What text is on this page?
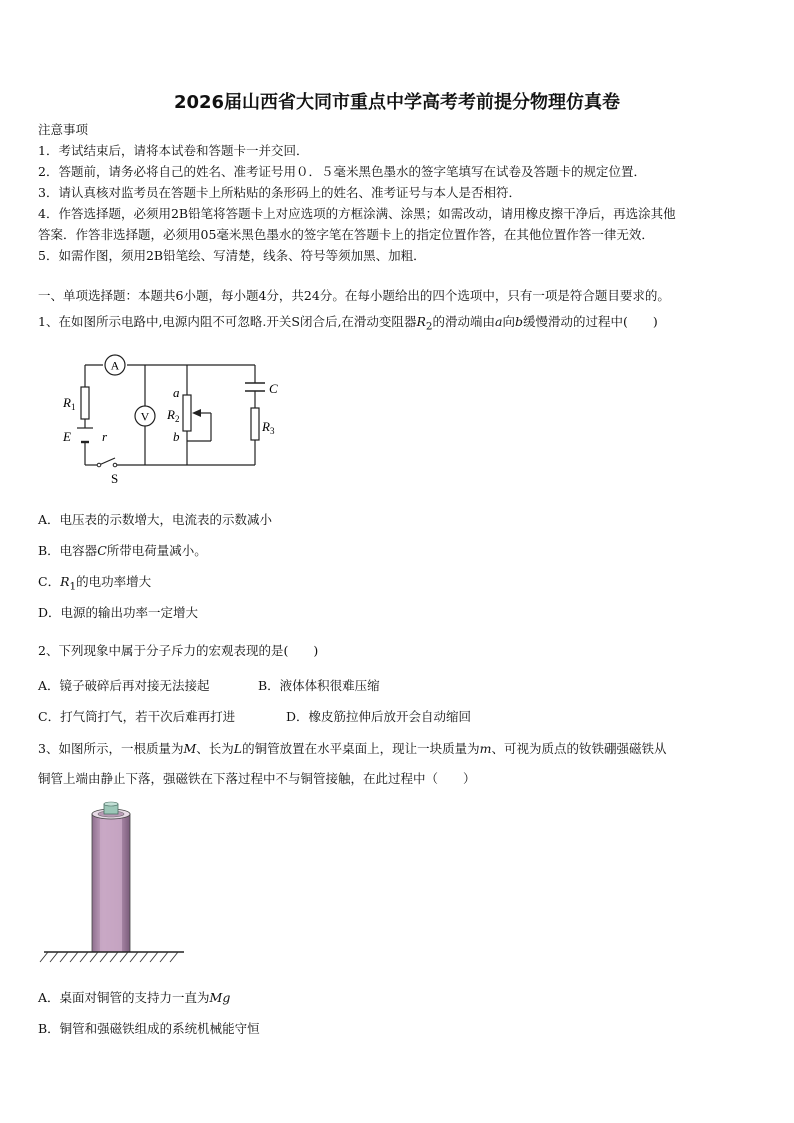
2026届山西省大同市重点中学高考考前提分物理仿真卷
注意事项
1．考试结束后，请将本试卷和答题卡一并交回．
2．答题前，请务必将自己的姓名、准考证号用０．５毫米黑色墨水的签字笔填写在试卷及答题卡的规定位置．
3．请认真核对监考员在答题卡上所粘贴的条形码上的姓名、准考证号与本人是否相符．
4．作答选择题，必须用2B铅笔将答题卡上对应选项的方框涂满、涂黑；如需改动，请用橡皮擦干净后，再选涂其他
答案．作答非选择题，必须用05毫米黑色墨水的签字笔在答题卡上的指定位置作答，在其他位置作答一律无效．
5．如需作图，须用2B铅笔绘、写清楚，线条、符号等须加黑、加粗．
一、单项选择题：本题共6小题，每小题4分，共24分。在每小题给出的四个选项中，只有一项是符合题目要求的。
1、在如图所示电路中,电源内阻不可忽略.开关S闭合后,在滑动变阻器$R_2$的滑动端由a向b缓慢滑动的过程中(　　)
A
$R_1$
E r
S
V
a
b
$R_2$
C
$R_3$
A．电压表的示数增大，电流表的示数减小
B．电容器C所带电荷量减小。
C．$R_1$的电功率增大
D．电源的输出功率一定增大
2、下列现象中属于分子斥力的宏观表现的是(　　)
A．镜子破碎后再对接无法接起	B．液体体积很难压缩
C．打气筒打气，若干次后难再打进	D．橡皮筋拉伸后放开会自动缩回
3、如图所示，一根质量为M、长为L的铜管放置在水平桌面上，现让一块质量为m、可视为质点的钕铁硼强磁铁从
铜管上端由静止下落，强磁铁在下落过程中不与铜管接触，在此过程中（　　）
A．桌面对铜管的支持力一直为Mg
B．铜管和强磁铁组成的系统机械能守恒
